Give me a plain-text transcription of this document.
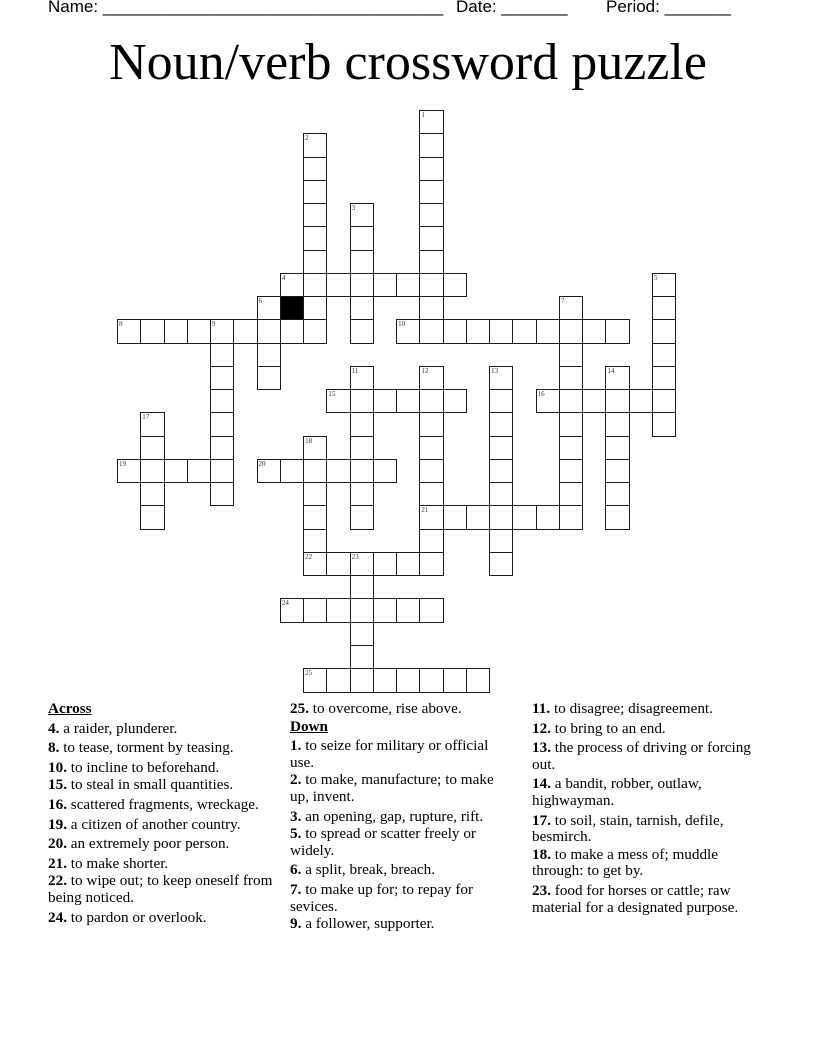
Name: ____________________________________

Date: _______

Period: _______

Noun/verb crossword puzzle
1
2
3
4	5
6	7
8	9	10
11	12
21
13	14
15	16
17
18
22
19	20
23
24
25
Across
4. a raider, plunderer.
8. to tease, torment by teasing.
10. to incline to beforehand.
15. to steal in small quantities.
16. scattered fragments, wreckage.
19. a citizen of another country.
20. an extremely poor person.
21. to make shorter.
22. to wipe out; to keep oneself from being noticed.
24. to pardon or overlook.
25. to overcome, rise above.
Down
1. to seize for military or official use.
2. to make, manufacture; to make up, invent.
3. an opening, gap, rupture, rift.
5. to spread or scatter freely or widely.
6. a split, break, breach.
7. to make up for; to repay for sevices.
9. a follower, supporter.
11. to disagree; disagreement.
12. to bring to an end.
13. the process of driving or forcing out.
14. a bandit, robber, outlaw, highwayman.
17. to soil, stain, tarnish, defile, besmirch.
18. to make a mess of; muddle through: to get by.
23. food for horses or cattle; raw material for a designated purpose.
